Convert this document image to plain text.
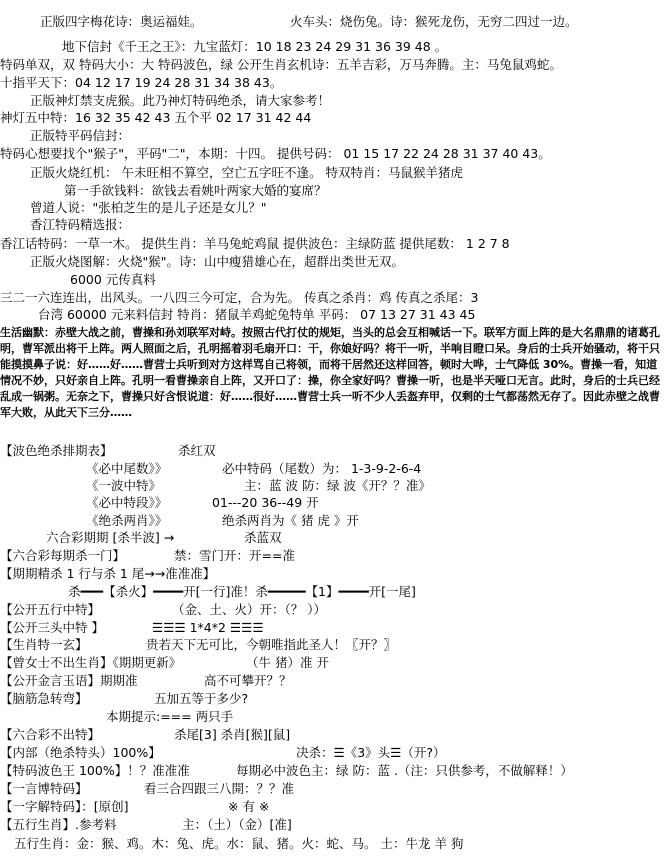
正版四字梅花诗：奥运福娃。	火车头：烧伤兔。诗：猴死龙伤，无穷二四过一边。
地下信封《千王之王》：九宝蓝灯：10 18 23 24 29 31 36 39 48 。
特码单双，双 特码大小：大 特码波色，绿 公开生肖玄机诗：五羊吉彩，万马奔腾。主：马兔鼠鸡蛇。
十指平天下：04 12 17 19 24 28 31 34 38 43。
正版神灯禁支虎猴。此乃神灯特码绝杀，请大家参考！
神灯五中特：16 32 35 42 43 五个平 02 17 31 42 44
正版特平码信封：
特码心想要找个"猴子"，平码"二"，本期：十四。 提供号码： 01 15 17 22 24 28 31 37 40 43。
正版火烧红机： 午未旺相不算空，空亡五字旺不逢。 特双特肖：马鼠猴羊猪虎
第一手欲钱料：欲钱去看姚叶两家大婚的宴席？
曾道人说："张柏芝生的是儿子还是女儿？"
香江特码精选报：
香江话特码：一草一木。 提供生肖：羊马兔蛇鸡鼠 提供波色：主绿防蓝 提供尾数： 1 2 7 8
正版火烧图解：火烧"猴"。诗：山中瘦猎雄心在，超群出类世无双。
6000 元传真料
三二一六连连出，出风头。一八四三今可定，合为先。 传真之杀肖：鸡 传真之杀尾：3
台湾 60000 元来料信封 特肖：猪鼠羊鸡蛇兔特单 平码： 07 13 27 31 43 45
【波色绝杀排期表】	杀红双
《必中尾数》》	必中特码（尾数）为： 1-3-9-2-6-4
《一波中特》	主：蓝 波 防：绿 波《开？？准》
《必中特段》》	01---20 36--49 开
《绝杀两肖》》	绝杀两肖为《 猪 虎 》开
六合彩期期 [杀半波] →	杀蓝双
【六合彩每期杀一门】	禁：雪门开：开==准
【期期精杀 1 行与杀 1 尾→→准准准】
杀━━━【杀火】━━━━开[一行]准！杀━━━━━【1】━━━━开[一尾]
【公开五行中特】	（金、土、火）开：（？ ））
【公开三头中特 】	☰☰☰ 1*4*2 ☰☰☰
【生肖特一玄】	贵若天下无可比，今朝唯指此圣人！〖开？〗
【曾女士不出生肖】《期期更新》	（牛 猪）准 开
【公开金言玉语】期期准	高不可攀开？？
【脑筋急转弯】	五加五等于多少?
本期提示:=== 两只手
【六合彩不出特】	杀尾[3] 杀肖[猴][鼠]
【内部（绝杀特头）100%】	决杀：☰《3》头☰（开?）
【特码波色王 100%】！？准准准	每期必中波色主：绿 防：蓝 .（注：只供参考，不做解释！）
【一言博特码】	看三合四跟三八開：？？准
【一字解特码】：[原创]	※ 有 ※
【五行生肖】.参考料	主：（土）（金）[准]
五行生肖：金：猴、鸡。木：兔、虎。水：鼠、猪。火：蛇、马。 土：牛龙 羊 狗
生活幽默：赤壁大战之前，曹操和孙刘联军对峙。按照古代打仗的规矩，当头的总会互相喊话一下。联军方面上阵的是大名鼎鼎的诸葛孔明，曹军派出将干上阵。两人照面之后，孔明摇着羽毛扇开口：干，你娘好吗？将干一听，半响目瞪口呆。身后的士兵开始骚动，将干只能摸摸鼻子说：好……好……曹营士兵听到对方这样骂自己将领，而将干居然还这样回答，顿时大哗，士气降低 30%。曹操一看，知道情况不妙，只好亲自上阵。孔明一看曹操亲自上阵，又开口了：操，你全家好吗？曹操一听，也是半天哑口无言。此时，身后的士兵已经乱成一锅粥。无奈之下，曹操只好含恨说道：好……很好……曹营士兵一听不少人丢盔弃甲，仅剩的士气都荡然无存了。因此赤壁之战曹军大败，从此天下三分……
